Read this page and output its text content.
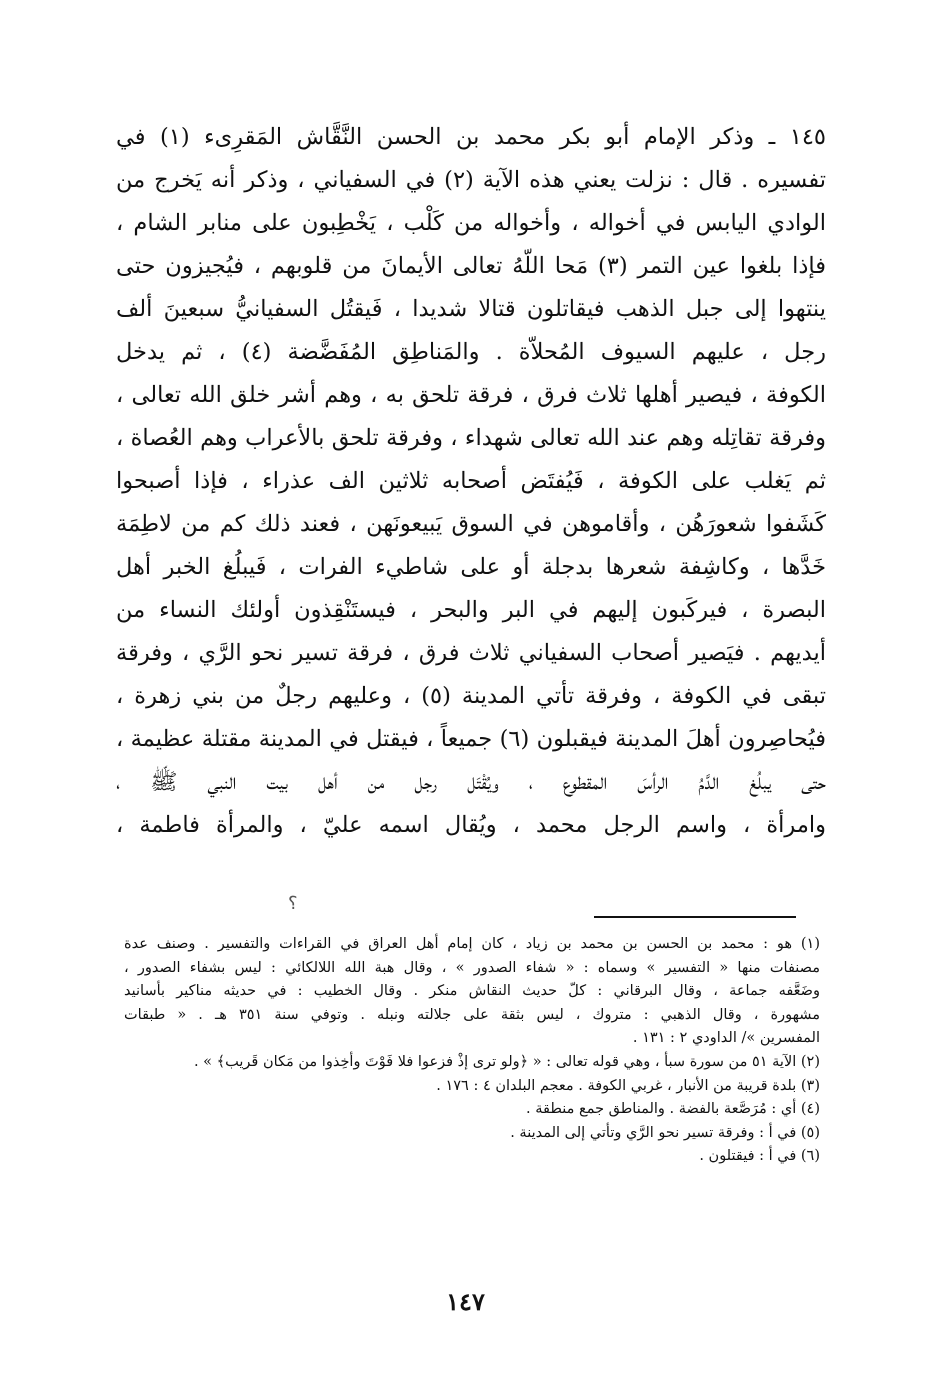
١٤٥ ـ وذكر الإمام أبو بكر محمد بن الحسن النَّقَّاش المَقرِىء (١) في
تفسيره . قال : نزلت يعني هذه الآية (٢) في السفياني ، وذكر أنه يَخرج من
الوادي اليابس في أخواله ، وأخواله من كَلْب ، يَخْطِبون على منابر الشام ،
فإذا بلغوا عين التمر (٣) مَحا اللّهُ تعالى الأيمانَ من قلوبهم ، فيُجيزون حتى
ينتهوا إلى جبل الذهب فيقاتلون قتالا شديدا ، فَيقتُل السفيانيُّ سبعينَ ألف
رجل ، عليهم السيوف المُحلاّة . والمَناطِق المُفَضَّضة (٤) ، ثم يدخل
الكوفة ، فيصير أهلها ثلاث فرق ، فرقة تلحق به ، وهم أشر خلق الله تعالى ،
وفرقة تقاتِله وهم عند الله تعالى شهداء ، وفرقة تلحق بالأعراب وهم العُصاة ،
ثم يَغلب على الكوفة ، فَيُفتَض أصحابه ثلاثين الف عذراء ، فإذا أصبحوا
كَشَفوا شعورَهُن ، وأقاموهن في السوق يَبيعونَهن ، فعند ذلك كم من لاطِمَة
خَدَّها ، وكاشِفة شعرها بدجلة أو على شاطيء الفرات ، فَيبلُغ الخبر أهل
البصرة ، فيركَبون إليهم في البر والبحر ، فيستَنْقِذون أولئك النساء من
أيديهم . فيَصير أصحاب السفياني ثلاث فرق ، فرقة تسير نحو الرَّي ، وفرقة
تبقى في الكوفة ، وفرقة تأتي المدينة (٥) ، وعليهم رجلٌ من بني زهرة ،
فيُحاصِرون أهلَ المدينة فيقبلون (٦) جميعاً ، فيقتل في المدينة مقتلة عظيمة ،
حتى يبلُغ الدَّمُ الرأسَ المقطوع ، ويُقْتَل رجل من أهل بيت النبي ﷺ ،
وامرأة ، واسم الرجل محمد ، ويُقال اسمه عليّ ، والمرأة فاطمة ،
؟
(١) هو : محمد بن الحسن بن محمد بن زياد ، كان إمام أهل العراق في القراءات والتفسير . وصنف عدة
مصنفات منها « التفسير » وسماه : « شفاء الصدور » ، وقال هبة الله اللالكائي : ليس بشفاء الصدور ،
وضَعَّفه جماعة ، وقال البرقاني : كلّ حديث النقاش منكر . وقال الخطيب : في حديثه مناكير بأسانيد
مشهورة ، وقال الذهبي : متروك ، ليس بثقة على جلالته ونبله . وتوفي سنة ٣٥١ هـ . « طبقات
المفسرين »/ الداودي ٢ : ١٣١ .
(٢) الآية ٥١ من سورة سبأ ، وهي قوله تعالى : « ﴿ولو ترى إذْ فزعوا فلا فَوْتَ وأُخِذوا من مَكان قَريب﴾ » .
(٣) بلدة قريبة من الأنبار ، غربي الكوفة . معجم البلدان ٤ : ١٧٦ .
(٤) أي : مُرَصَّعة بالفضة . والمناطق جمع منطقة .
(٥) في أ : وفرقة تسير نحو الرَّي وتأتي إلى المدينة .
(٦) في أ : فيقتلون .
١٤٧
